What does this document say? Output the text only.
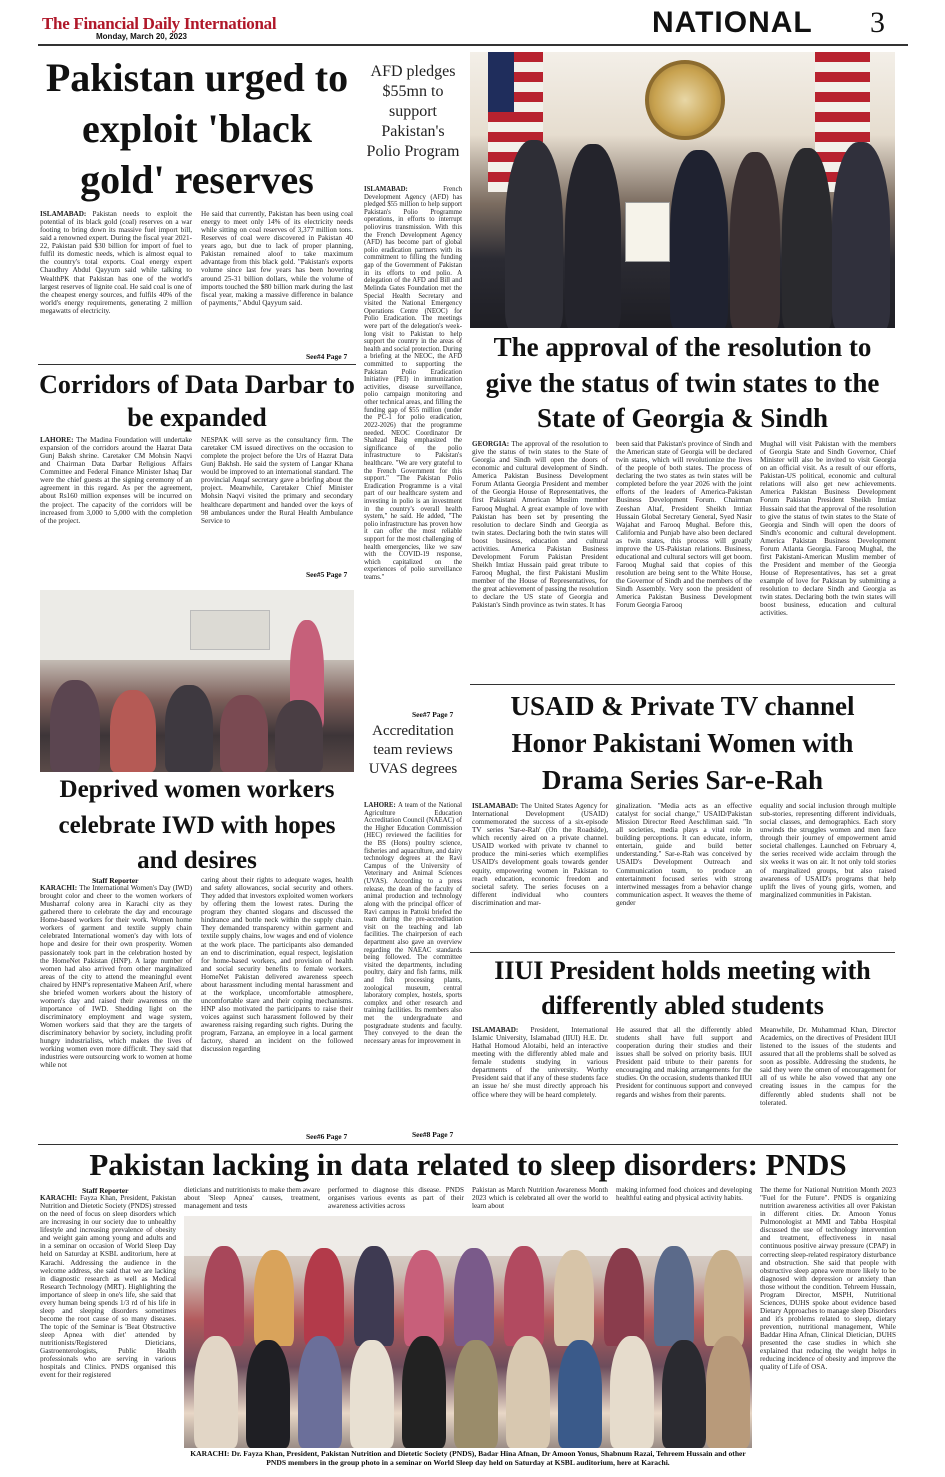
The Financial Daily International
Monday, March 20, 2023	NATIONAL 3
Pakistan urged to exploit 'black gold' reserves
ISLAMABAD: Pakistan needs to exploit the potential of its black gold (coal) reserves on a war footing to bring down its massive fuel import bill, said a renowned expert. During the fiscal year 2021-22, Pakistan paid $30 billion for import of fuel to fulfil its domestic needs, which is almost equal to the country's total exports. Coal energy expert Chaudhry Abdul Qayyum said while talking to WealthPK that Pakistan has one of the world's largest reserves of lignite coal. He said coal is one of the cheapest energy sources, and fulfils 40% of the world's energy requirements, generating 2 million megawatts of electricity.
He said that currently, Pakistan has been using coal energy to meet only 14% of its electricity needs while sitting on coal reserves of 3,377 million tons. Reserves of coal were discovered in Pakistan 40 years ago, but due to lack of proper planning, Pakistan remained aloof to take maximum advantage from this black gold. "Pakistan's exports volume since last few years has been hovering around 25-31 billion dollars, while the volume of imports touched the $80 billion mark during the last fiscal year, making a massive difference in balance of payments," Abdul Qayyum said.
See#4 Page 7
AFD pledges $55mn to support Pakistan's Polio Program
ISLAMABAD: French Development Agency (AFD) has pledged $55 million to help support Pakistan's Polio Programme operations, in efforts to interrupt poliovirus transmission. With this the French Development Agency (AFD) has become part of global polio eradication partners with its commitment to filling the funding gap of the Government of Pakistan in its efforts to end polio. A delegation of the AFD and Bill and Melinda Gates Foundation met the Special Health Secretary and visited the National Emergency Operations Centre (NEOC) for Polio Eradication. The meetings were part of the delegation's week-long visit to Pakistan to help support the country in the areas of health and social protection. During a briefing at the NEOC, the AFD committed to supporting the Pakistan Polio Eradication Initiative (PEI) in immunization activities, disease surveillance, polio campaign monitoring and other technical areas, and filling the funding gap of $55 million (under the PC-1 for polio eradication, 2022-2026) that the programme needed. NEOC Coordinator Dr Shahzad Baig emphasized the significance of the polio infrastructure to Pakistan's healthcare. "We are very grateful to the French Government for this support." "The Pakistan Polio Eradication Programme is a vital part of our healthcare system and investing in polio is an investment in the country's overall health system," he said. He added, "The polio infrastructure has proven how it can offer the most reliable support for the most challenging of health emergencies, like we saw with the COVID-19 response, which capitalized on the experiences of polio surveillance teams."
See#7 Page 7
The approval of the resolution to give the status of twin states to the State of Georgia & Sindh
GEORGIA: The approval of the resolution to give the status of twin states to the State of Georgia and Sindh will open the doors of economic and cultural development of Sindh. America Pakistan Business Development Forum Atlanta Georgia President and member of the Georgia House of Representatives, the first Pakistani American Muslim member Farooq Mughal. A great example of love with Pakistan has been set by presenting the resolution to declare Sindh and Georgia as twin states. Declaring both the twin states will boost business, education and cultural activities. America Pakistan Business Development Forum Pakistan President Sheikh Imtiaz Hussain paid great tribute to Farooq Mughal, the first Pakistani Muslim member of the House of Representatives, for the great achievement of passing the resolution to declare the US state of Georgia and Pakistan's Sindh province as twin states. It has
been said that Pakistan's province of Sindh and the American state of Georgia will be declared twin states, which will revolutionize the lives of the people of both states. The process of declaring the two states as twin states will be completed before the year 2026 with the joint efforts of the leaders of America-Pakistan Business Development Forum. Chairman Zeeshan Altaf, President Sheikh Imtiaz Hussain Global Secretary General, Syed Nasir Wajahat and Farooq Mughal. Before this, California and Punjab have also been declared as twin states, this process will greatly improve the US-Pakistan relations. Business, educational and cultural sectors will get boom. Farooq Mughal said that copies of this resolution are being sent to the White House, the Governor of Sindh and the members of the Sindh Assembly. Very soon the president of America Pakistan Business Development Forum Georgia Farooq
Mughal will visit Pakistan with the members of Georgia State and Sindh Governor, Chief Minister will also be invited to visit Georgia on an official visit. As a result of our efforts, Pakistan-US political, economic and cultural relations will also get new achievements. America Pakistan Business Development Forum Pakistan President Sheikh Imtiaz Hussain said that the approval of the resolution to give the status of twin states to the State of Georgia and Sindh will open the doors of Sindh's economic and cultural development. America Pakistan Business Development Forum Atlanta Georgia. Farooq Mughal, the first Pakistani-American Muslim member of the President and member of the Georgia House of Representatives, has set a great example of love for Pakistan by submitting a resolution to declare Sindh and Georgia as twin states. Declaring both the twin states will boost business, education and cultural activities.
Corridors of Data Darbar to be expanded
LAHORE: The Madina Foundation will undertake expansion of the corridors around the Hazrat Data Gunj Baksh shrine. Caretaker CM Mohsin Naqvi and Chairman Data Darbar Religious Affairs Committee and Federal Finance Minister Ishaq Dar were the chief guests at the signing ceremony of an agreement in this regard. As per the agreement, about Rs160 million expenses will be incurred on the project. The capacity of the corridors will be increased from 3,000 to 5,000 with the completion of the project.
NESPAK will serve as the consultancy firm. The caretaker CM issued directives on the occasion to complete the project before the Urs of Hazrat Data Gunj Bakhsh. He said the system of Langar Khana would be improved to an international standard. The provincial Auqaf secretary gave a briefing about the project. Meanwhile, Caretaker Chief Minister Mohsin Naqvi visited the primary and secondary healthcare department and handed over the keys of 98 ambulances under the Rural Health Ambulance Service to
See#5 Page 7
Deprived women workers celebrate IWD with hopes and desires
Staff Reporter
KARACHI: The International Women's Day (IWD) brought color and cheer to the women workers of Musharraf colony area in Karachi city as they gathered there to celebrate the day and encourage Home-based workers for their work. Women home workers of garment and textile supply chain celebrated International women's day with lots of hope and desire for their own prosperity. Women passionately took part in the celebration hosted by the HomeNet Pakistan (HNP). A large number of women had also arrived from other marginalized areas of the city to attend the meaningful event chaired by HNP's representative Maheen Arif, where she briefed women workers about the history of women's day and raised their awareness on the importance of IWD. Shedding light on the discriminatory employment and wage system, Women workers said that they are the targets of discriminatory behavior by society, including profit hungry industrialists, which makes the lives of working women even more difficult. They said that industries were outsourcing work to women at home while not
caring about their rights to adequate wages, health and safety allowances, social security and others. They added that investors exploited women workers by offering them the lowest rates. During the program they chanted slogans and discussed the hindrance and bottle neck within the supply chain. They demanded transparency within garment and textile supply chains, low wages and end of violence at the work place. The participants also demanded an end to discrimination, equal respect, legislation for home-based workers, and provision of health and social security benefits to female workers. HomeNet Pakistan delivered awareness speech about harassment including mental harassment and at the workplace, uncomfortable atmosphere, uncomfortable stare and their coping mechanisms. HNP also motivated the participants to raise their voices against such harassment followed by their awareness raising regarding such rights. During the program, Farzana, an employee in a local garment factory, shared an incident on the followed discussion regarding
See#6 Page 7
Accreditation team reviews UVAS degrees
LAHORE: A team of the National Agriculture Education Accreditation Council (NAEAC) of the Higher Education Commission (HEC) reviewed the facilities for the BS (Hons) poultry science, fisheries and aquaculture, and dairy technology degrees at the Ravi Campus of the University of Veterinary and Animal Sciences (UVAS). According to a press release, the dean of the faculty of animal production and technology along with the principal officer of Ravi campus in Pattoki briefed the team during the pre-accreditation visit on the teaching and lab facilities. The chairperson of each department also gave an overview regarding the NAEAC standards being followed. The committee visited the departments, including poultry, dairy and fish farms, milk and fish processing plants, zoological museum, central laboratory complex, hostels, sports complex and other research and training facilities. Its members also met the undergraduate and postgraduate students and faculty. They conveyed to the dean the necessary areas for improvement in
See#8 Page 7
USAID & Private TV channel Honor Pakistani Women with Drama Series Sar-e-Rah
ISLAMABAD: The United States Agency for International Development (USAID) commemorated the success of a six-episode TV series 'Sar-e-Rah' (On the Roadside), which recently aired on a private channel. USAID worked with private tv channel to produce the mini-series which exemplifies USAID's development goals towards gender equity, empowering women in Pakistan to reach education, economic freedom and societal safety. The series focuses on a different individual who counters discrimination and mar-
ginalization. "Media acts as an effective catalyst for social change," USAID/Pakistan Mission Director Reed Aeschliman said. "In all societies, media plays a vital role in building perceptions. It can educate, inform, entertain, guide and build better understanding." Sar-e-Rah was conceived by USAID's Development Outreach and Communication team, to produce an entertainment focused series with strong intertwined messages from a behavior change communication aspect. It weaves the theme of gender
equality and social inclusion through multiple sub-stories, representing different individuals, social classes, and demographics. Each story unwinds the struggles women and men face through their journey of empowerment amid societal challenges. Launched on February 4, the series received wide acclaim through the six weeks it was on air. It not only told stories of marginalized groups, but also raised awareness of USAID's programs that help uplift the lives of young girls, women, and marginalized communities in Pakistan.
IIUI President holds meeting with differently abled students
ISLAMABAD: President, International Islamic University, Islamabad (IIUI) H.E. Dr. Hathal Homoud Alotaibi, held an interactive meeting with the differently abled male and female students studying in various departments of the university. Worthy President said that if any of these students face an issue he/ she must directly approach his office where they will be heard completely.
He assured that all the differently abled students shall have full support and cooperation during their studies and their issues shall be solved on priority basis. IIUI President paid tribute to their parents for encouraging and making arrangements for the studies. On the occasion, students thanked IIUI President for continuous support and conveyed regards and wishes from their parents.
Meanwhile, Dr. Muhammad Khan, Director Academics, on the directives of President IIUI listened to the issues of the students and assured that all the problems shall be solved as soon as possible. Addressing the students, he said they were the omen of encouragement for all of us while he also vowed that any one creating issues in the campus for the differently abled students shall not be tolerated.
Pakistan lacking in data related to sleep disorders: PNDS
Staff Reporter
KARACHI: Fayza Khan, President, Pakistan Nutrition and Dietetic Society (PNDS) stressed on the need of focus on sleep disorders which are increasing in our society due to unhealthy lifestyle and increasing prevalence of obesity and weight gain among young and adults and in a seminar on occasion of World Sleep Day held on Saturday at KSBL auditorium, here at Karachi. Addressing the audience in the welcome address, she said that we are lacking in diagnostic research as well as Medical Research Technology (MRT). Highlighting the importance of sleep in one's life, she said that every human being spends 1/3 rd of his life in sleep and sleeping disorders sometimes become the root cause of so many diseases. The topic of the Seminar is 'Beat Obstructive sleep Apnea with diet' attended by nutritionists/Registered Dieticians, Gastroenterologists, Public Health professionals who are serving in various hospitals and Clinics. PNDS organised this event for their registered
dieticians and nutritionists to make them aware about 'Sleep Apnea' causes, treatment, management and tests
performed to diagnose this disease. PNDS organises various events as part of their awareness activities across
Pakistan as March Nutrition Awareness Month 2023 which is celebrated all over the world to learn about
making informed food choices and developing healthful eating and physical activity habits.
The theme for National Nutrition Month 2023 "Fuel for the Future". PNDS is organizing nutrition awareness activities all over Pakistan in different cities. Dr. Amoon Yonus Pulmonologist at MMI and Tabba Hospital discussed the use of technology intervention and treatment, effectiveness in nasal continuous positive airway pressure (CPAP) in correcting sleep-related respiratory disturbance and obstruction. She said that people with obstructive sleep apnea were more likely to be diagnosed with depression or anxiety than those without the condition. Tehreem Hussain, Program Director, MSPH, Nutritional Sciences, DUHS spoke about evidence based Dietary Approaches to manage sleep Disorders and it's problems related to sleep, dietary prevention, nutritional management, While Baddar Hina Afnan, Clinical Dietician, DUHS presented the case studies in which she explained that reducing the weight helps in reducing incidence of obesity and improve the quality of Life of OSA.
KARACHI: Dr. Fayza Khan, President, Pakistan Nutrition and Dietetic Society (PNDS), Badar Hina Afnan, Dr Amoon Yonus, Shabnum Razai, Tehreem Hussain and other PNDS members in the group photo in a seminar on World Sleep day held on Saturday at KSBL auditorium, here at Karachi.
